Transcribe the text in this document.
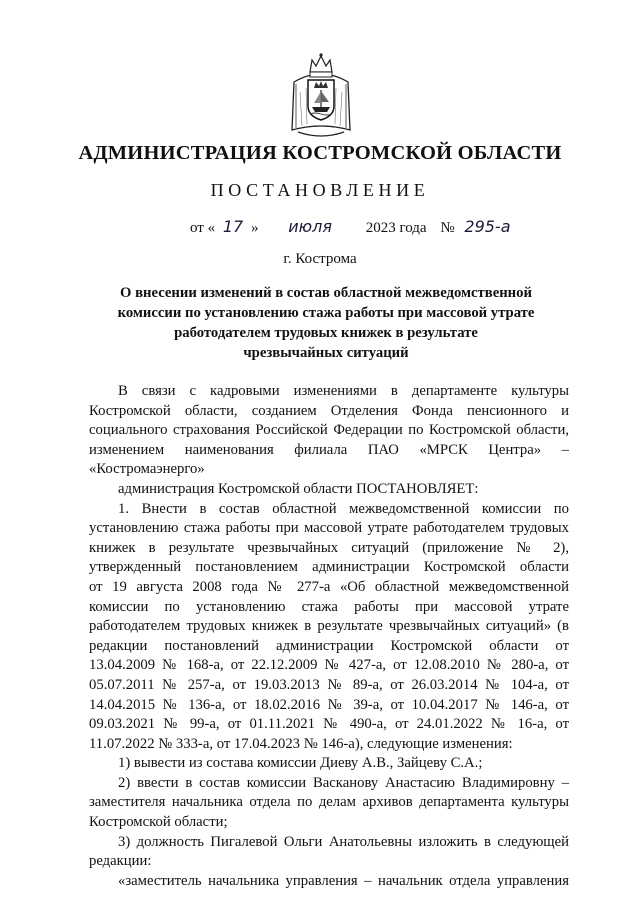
АДМИНИСТРАЦИЯ КОСТРОМСКОЙ ОБЛАСТИ
ПОСТАНОВЛЕНИЕ
от « 17 » июля 2023 года № 295-а
г. Кострома
О внесении изменений в состав областной межведомственной
комиссии по установлению стажа работы при массовой утрате
работодателем трудовых книжек в результате
чрезвычайных ситуаций
В связи с кадровыми изменениями в департаменте культуры
Костромской области, созданием Отделения Фонда пенсионного и
социального страхования Российской Федерации по Костромской области,
изменением наименования филиала ПАО «МРСК Центра» –
«Костромаэнерго»
администрация Костромской области ПОСТАНОВЛЯЕТ:
1. Внести в состав областной межведомственной комиссии по
установлению стажа работы при массовой утрате работодателем трудовых
книжек в результате чрезвычайных ситуаций (приложение № 2),
утвержденный постановлением администрации Костромской области
от 19 августа 2008 года № 277-а «Об областной межведомственной
комиссии по установлению стажа работы при массовой утрате
работодателем трудовых книжек в результате чрезвычайных ситуаций» (в
редакции постановлений администрации Костромской области от
13.04.2009 № 168-а, от 22.12.2009 № 427-а, от 12.08.2010 № 280-а, от
05.07.2011 № 257-а, от 19.03.2013 № 89-а, от 26.03.2014 № 104-а, от
14.04.2015 № 136-а, от 18.02.2016 № 39-а, от 10.04.2017 № 146-а, от
09.03.2021 № 99-а, от 01.11.2021 № 490-а, от 24.01.2022 № 16-а, от
11.07.2022 № 333-а, от 17.04.2023 № 146-а), следующие изменения:
1) вывести из состава комиссии Диеву А.В., Зайцеву С.А.;
2) ввести в состав комиссии Васканову Анастасию Владимировну –
заместителя начальника отдела по делам архивов департамента культуры
Костромской области;
3) должность Пигалевой Ольги Анатольевны изложить в следующей
редакции:
«заместитель начальника управления – начальник отдела управления
